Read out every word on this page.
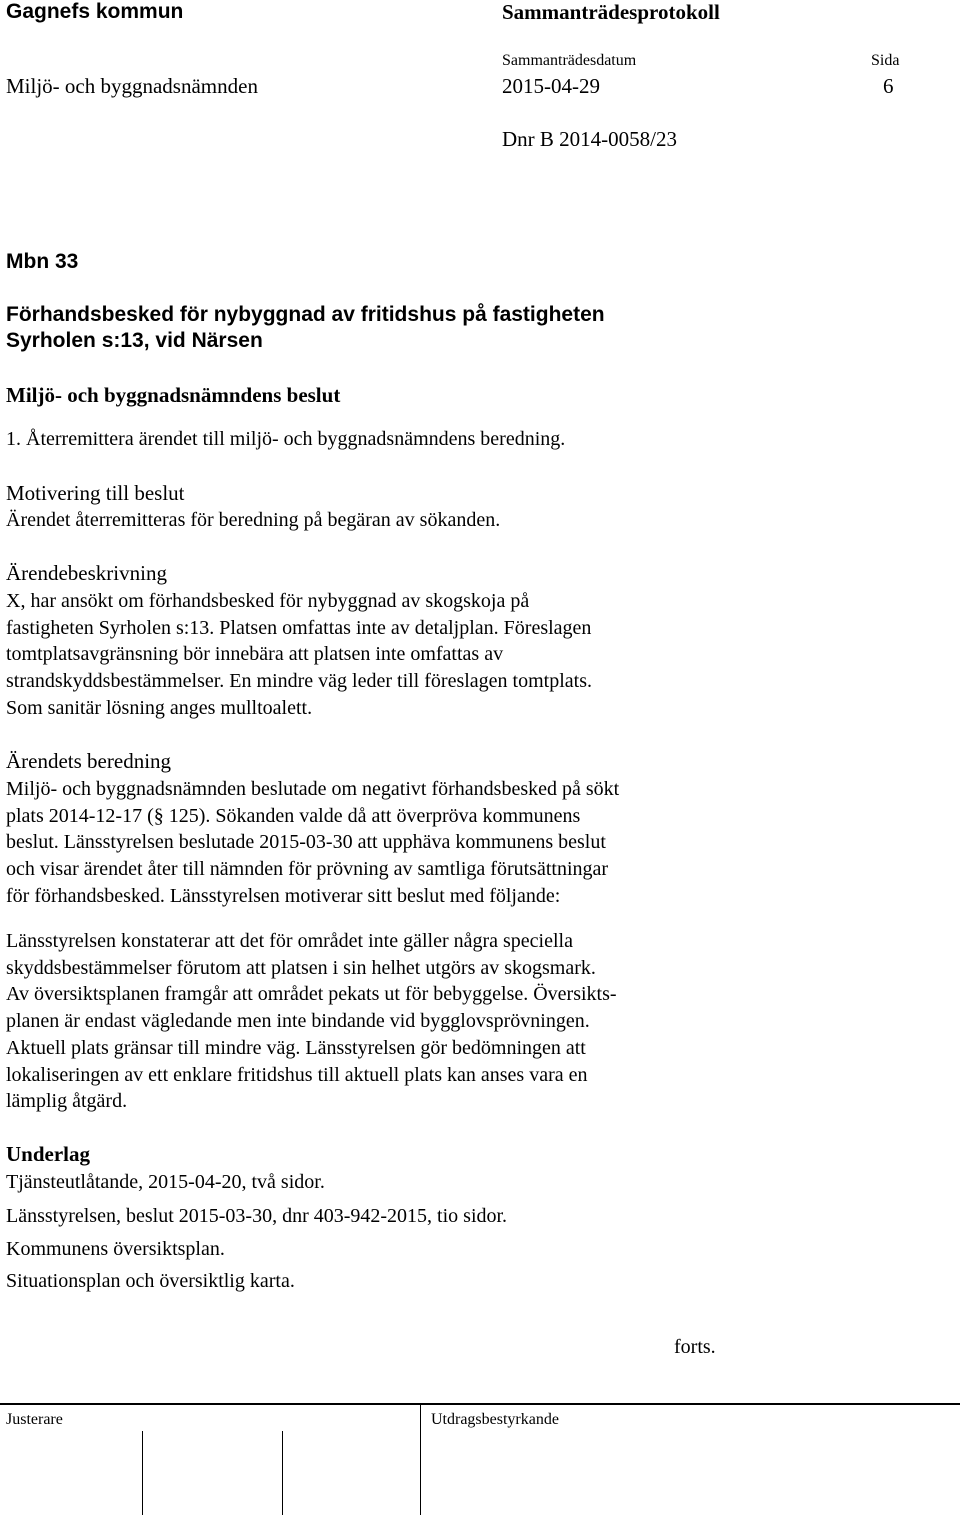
Gagnefs kommun	Sammanträdesprotokoll
Sammanträdesdatum	Sida
Miljö- och byggnadsnämnden	2015-04-29	6
Dnr B 2014-0058/23
Mbn 33
Förhandsbesked för nybyggnad av fritidshus på fastigheten
Syrholen s:13, vid Närsen
Miljö- och byggnadsnämndens beslut
1. Återremittera ärendet till miljö- och byggnadsnämndens beredning.
Motivering till beslut
Ärendet återremitteras för beredning på begäran av sökanden.
Ärendebeskrivning
X, har ansökt om förhandsbesked för nybyggnad av skogskoja på
fastigheten Syrholen s:13. Platsen omfattas inte av detaljplan. Föreslagen
tomtplatsavgränsning bör innebära att platsen inte omfattas av
strandskyddsbestämmelser. En mindre väg leder till föreslagen tomtplats.
Som sanitär lösning anges mulltoalett.
Ärendets beredning
Miljö- och byggnadsnämnden beslutade om negativt förhandsbesked på sökt
plats 2014-12-17 (§ 125). Sökanden valde då att överpröva kommunens
beslut. Länsstyrelsen beslutade 2015-03-30 att upphäva kommunens beslut
och visar ärendet åter till nämnden för prövning av samtliga förutsättningar
för förhandsbesked. Länsstyrelsen motiverar sitt beslut med följande:
Länsstyrelsen konstaterar att det för området inte gäller några speciella
skyddsbestämmelser förutom att platsen i sin helhet utgörs av skogsmark.
Av översiktsplanen framgår att området pekats ut för bebyggelse. Översikts-
planen är endast vägledande men inte bindande vid bygglovsprövningen.
Aktuell plats gränsar till mindre väg. Länsstyrelsen gör bedömningen att
lokaliseringen av ett enklare fritidshus till aktuell plats kan anses vara en
lämplig åtgärd.
Underlag
Tjänsteutlåtande, 2015-04-20, två sidor.
Länsstyrelsen, beslut 2015-03-30, dnr 403-942-2015, tio sidor.
Kommunens översiktsplan.
Situationsplan och översiktlig karta.
forts.
Justerare	Utdragsbestyrkande
